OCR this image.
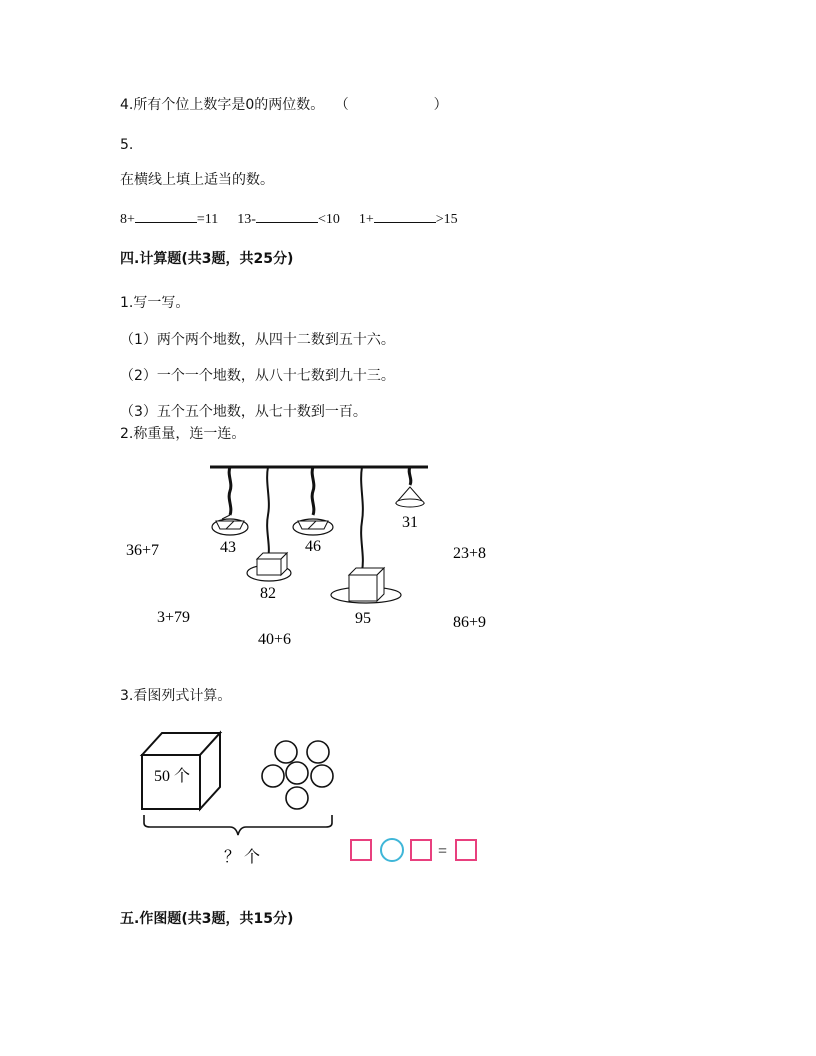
4.所有个位上数字是0的两位数。 （	）
5.
在横线上填上适当的数。
8+	=11 13-	<10 1+	>15
四.计算题(共3题，共25分)
1.写一写。
（1）两个两个地数，从四十二数到五十六。
（2）一个一个地数，从八十七数到九十三。
（3）五个五个地数，从七十数到一百。
2.称重量，连一连。
43	46
31
82
95
36+7	23+8
3+79	86+9
40+6
3.看图列式计算。
50 个
？ 个	=
五.作图题(共3题，共15分)
